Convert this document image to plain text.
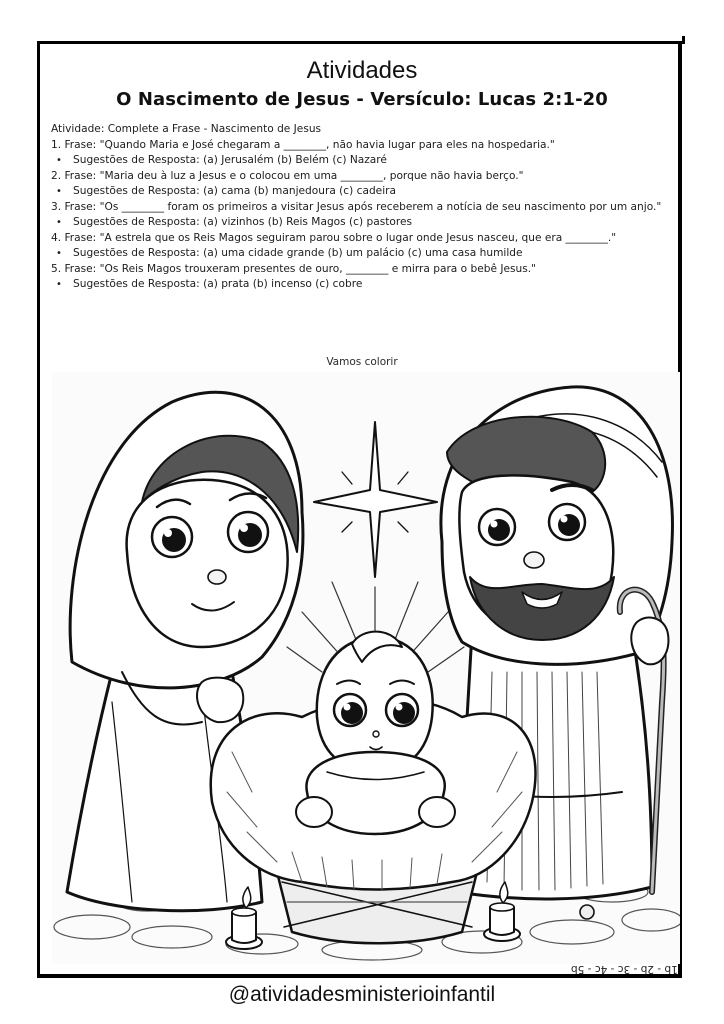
Atividades
O Nascimento de Jesus - Versículo: Lucas 2:1-20

Atividade: Complete a Frase - Nascimento de Jesus

1. Frase: "Quando Maria e José chegaram a ________, não havia lugar para eles na hospedaria."

•	Sugestões de Resposta: (a) Jerusalém (b) Belém (c) Nazaré

2. Frase: "Maria deu à luz a Jesus e o colocou em uma ________, porque não havia berço."

•	Sugestões de Resposta: (a) cama (b) manjedoura (c) cadeira

3. Frase: "Os ________ foram os primeiros a visitar Jesus após receberem a notícia de seu nascimento por um anjo."

•	Sugestões de Resposta: (a) vizinhos (b) Reis Magos (c) pastores

4. Frase: "A estrela que os Reis Magos seguiram parou sobre o lugar onde Jesus nasceu, que era ________."

•	Sugestões de Resposta: (a) uma cidade grande (b) um palácio (c) uma casa humilde

5. Frase: "Os Reis Magos trouxeram presentes de ouro, ________ e mirra para o bebê Jesus."

•	Sugestões de Resposta: (a) prata (b) incenso (c) cobre
Vamos colorir
1b - 2b - 3c - 4c - 5b
@atividadesministerioinfantil
